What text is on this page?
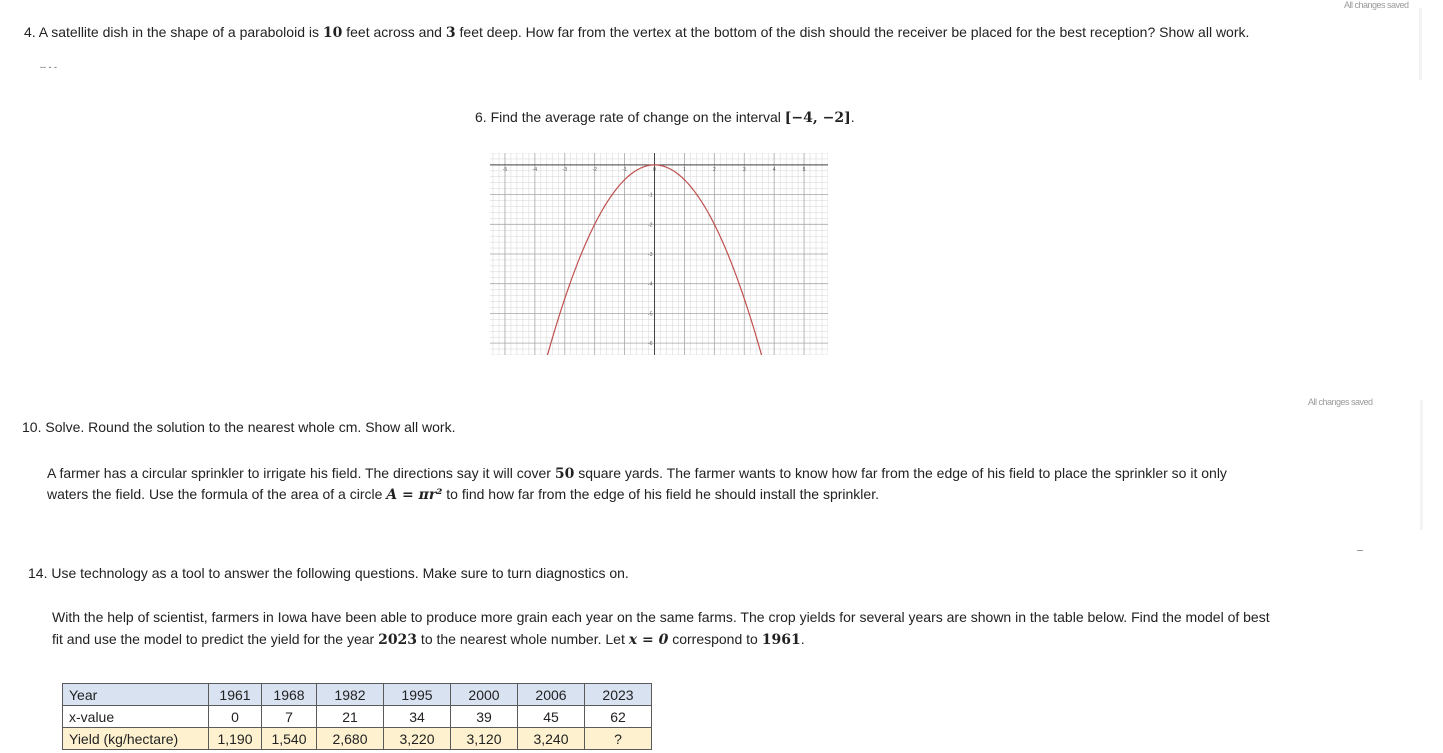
All changes saved
All changes saved
-‐ - ‐
4. A satellite dish in the shape of a paraboloid is 10 feet across and 3 feet deep. How far from the vertex at the bottom of the dish should the receiver be placed for the best reception? Show all work.
6. Find the average rate of change on the interval [−4, −2].
-5	-4	-3	-2	-1	0	1	2	3	4	5
-1
-2
-3
-4
-5
-6
10. Solve. Round the solution to the nearest whole cm. Show all work.
A farmer has a circular sprinkler to irrigate his field. The directions say it will cover 50 square yards. The farmer wants to know how far from the edge of his field to place the sprinkler so it only
waters the field. Use the formula of the area of a circle A = πr² to find how far from the edge of his field he should install the sprinkler.
14. Use technology as a tool to answer the following questions. Make sure to turn diagnostics on.
With the help of scientist, farmers in Iowa have been able to produce more grain each year on the same farms. The crop yields for several years are shown in the table below. Find the model of best
fit and use the model to predict the yield for the year 2023 to the nearest whole number. Let x = 0 correspond to 1961.
Year	1961	1968	1982	1995	2000	2006	2023
x-value	0	7	21	34	39	45	62
Yield (kg/hectare)	1,190	1,540	2,680	3,220	3,120	3,240	?
